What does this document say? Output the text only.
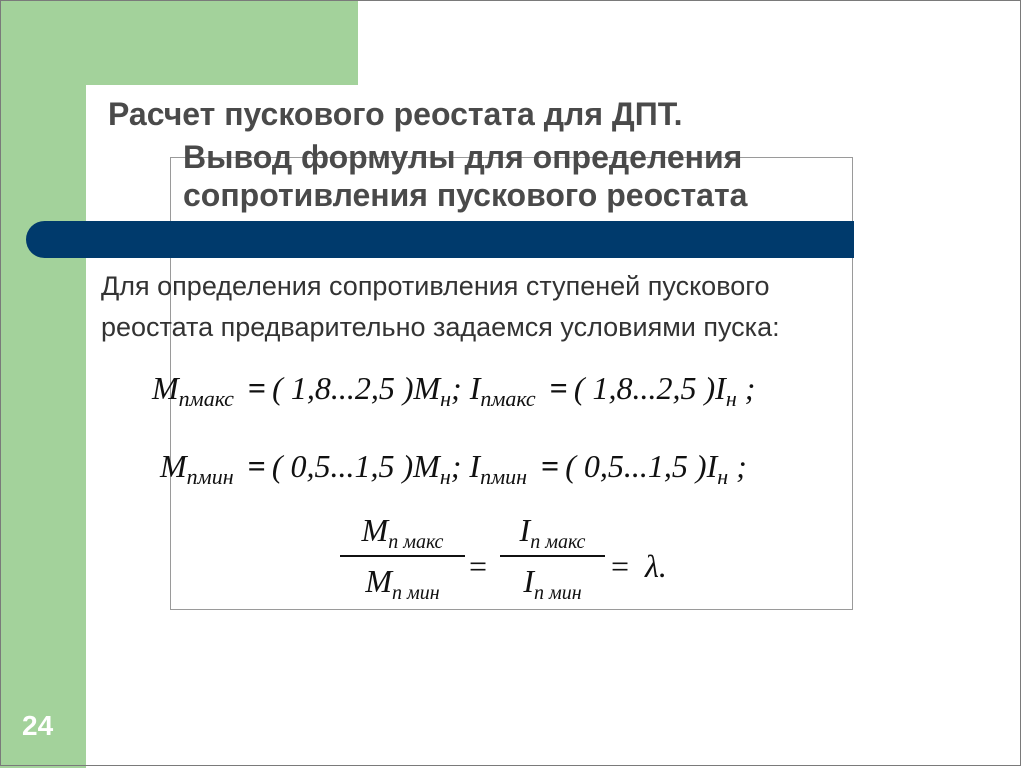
Расчет пускового реостата для ДПТ.
Вывод формулы для определения
сопротивления пускового реостата
Для определения сопротивления ступеней пускового
реостата предварительно задаемся условиями пуска:
$M_{пмакс}$ = ( 1,8...2,5 )$M_н$; $I_{пмакс}$ = ( 1,8...2,5 )$I_н$ ;
$M_{пмин}$ = ( 0,5...1,5 )$M_н$; $I_{пмин}$ = ( 0,5...1,5 )$I_н$ ;
$M_{п макс}$
$M_{п мин}$
=
$I_{п макс}$
$I_{п мин}$
= λ.
24
